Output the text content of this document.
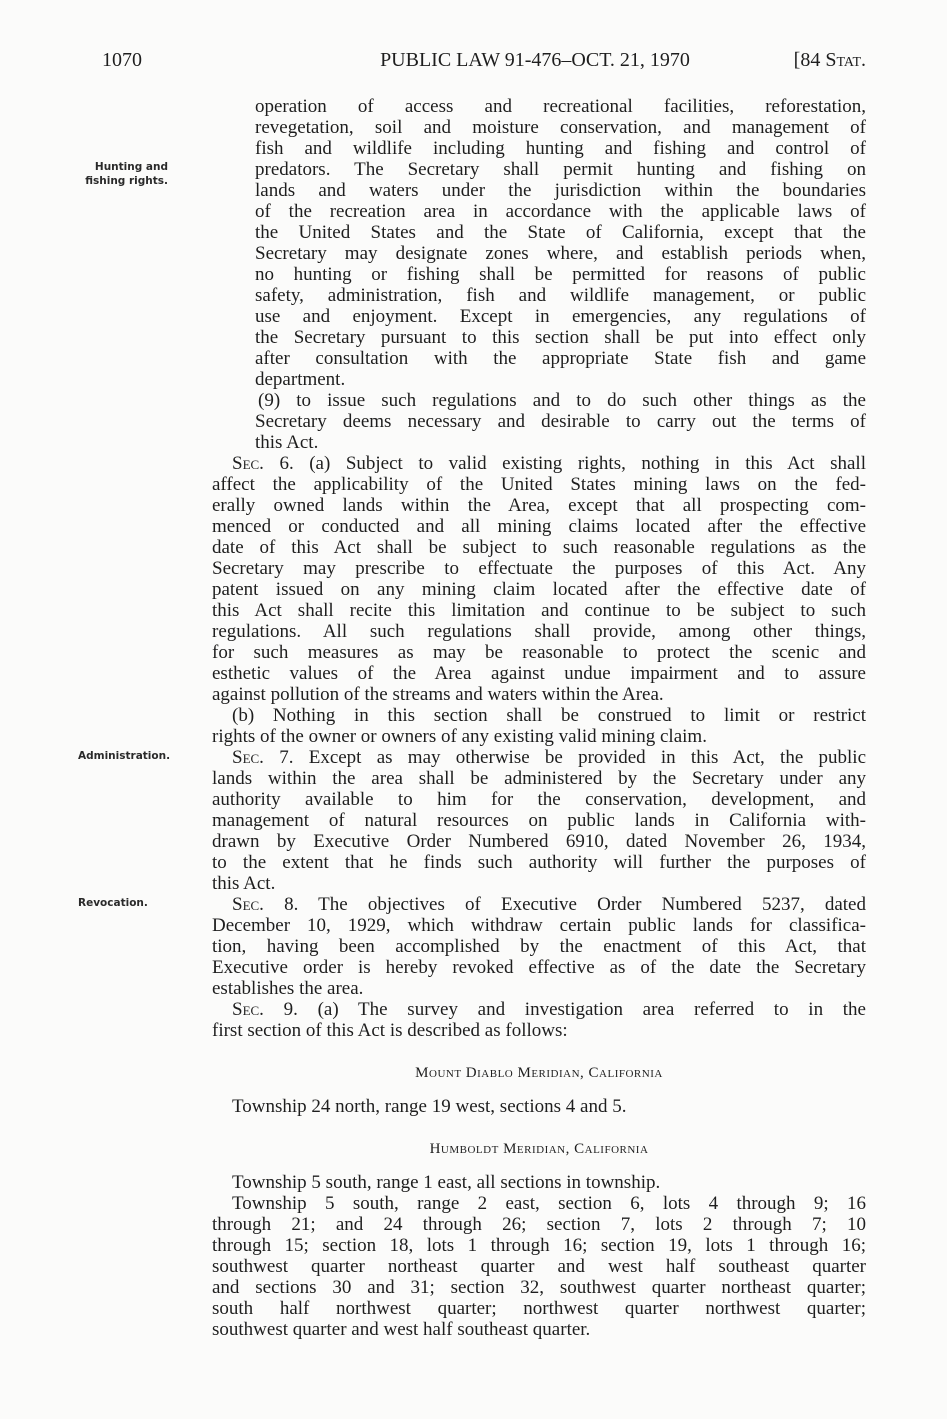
1070	PUBLIC LAW 91-476–OCT. 21, 1970	[84 Stat.
Hunting and
fishing rights.
Administration.
Revocation.
operation of access and recreational facilities, reforestation,
revegetation, soil and moisture conservation, and management of
fish and wildlife including hunting and fishing and control of
predators. The Secretary shall permit hunting and fishing on
lands and waters under the jurisdiction within the boundaries
of the recreation area in accordance with the applicable laws of
the United States and the State of California, except that the
Secretary may designate zones where, and establish periods when,
no hunting or fishing shall be permitted for reasons of public
safety, administration, fish and wildlife management, or public
use and enjoyment. Except in emergencies, any regulations of
the Secretary pursuant to this section shall be put into effect only
after consultation with the appropriate State fish and game
department.
(9) to issue such regulations and to do such other things as the
Secretary deems necessary and desirable to carry out the terms of
this Act.
Sec. 6. (a) Subject to valid existing rights, nothing in this Act shall
affect the applicability of the United States mining laws on the fed-
erally owned lands within the Area, except that all prospecting com-
menced or conducted and all mining claims located after the effective
date of this Act shall be subject to such reasonable regulations as the
Secretary may prescribe to effectuate the purposes of this Act. Any
patent issued on any mining claim located after the effective date of
this Act shall recite this limitation and continue to be subject to such
regulations. All such regulations shall provide, among other things,
for such measures as may be reasonable to protect the scenic and
esthetic values of the Area against undue impairment and to assure
against pollution of the streams and waters within the Area.
(b) Nothing in this section shall be construed to limit or restrict
rights of the owner or owners of any existing valid mining claim.
Sec. 7. Except as may otherwise be provided in this Act, the public
lands within the area shall be administered by the Secretary under any
authority available to him for the conservation, development, and
management of natural resources on public lands in California with-
drawn by Executive Order Numbered 6910, dated November 26, 1934,
to the extent that he finds such authority will further the purposes of
this Act.
Sec. 8. The objectives of Executive Order Numbered 5237, dated
December 10, 1929, which withdraw certain public lands for classifica-
tion, having been accomplished by the enactment of this Act, that
Executive order is hereby revoked effective as of the date the Secretary
establishes the area.
Sec. 9. (a) The survey and investigation area referred to in the
first section of this Act is described as follows:
Mount Diablo Meridian, California
Township 24 north, range 19 west, sections 4 and 5.
Humboldt Meridian, California
Township 5 south, range 1 east, all sections in township.
Township 5 south, range 2 east, section 6, lots 4 through 9; 16
through 21; and 24 through 26; section 7, lots 2 through 7; 10
through 15; section 18, lots 1 through 16; section 19, lots 1 through 16;
southwest quarter northeast quarter and west half southeast quarter
and sections 30 and 31; section 32, southwest quarter northeast quarter;
south half northwest quarter; northwest quarter northwest quarter;
southwest quarter and west half southeast quarter.
